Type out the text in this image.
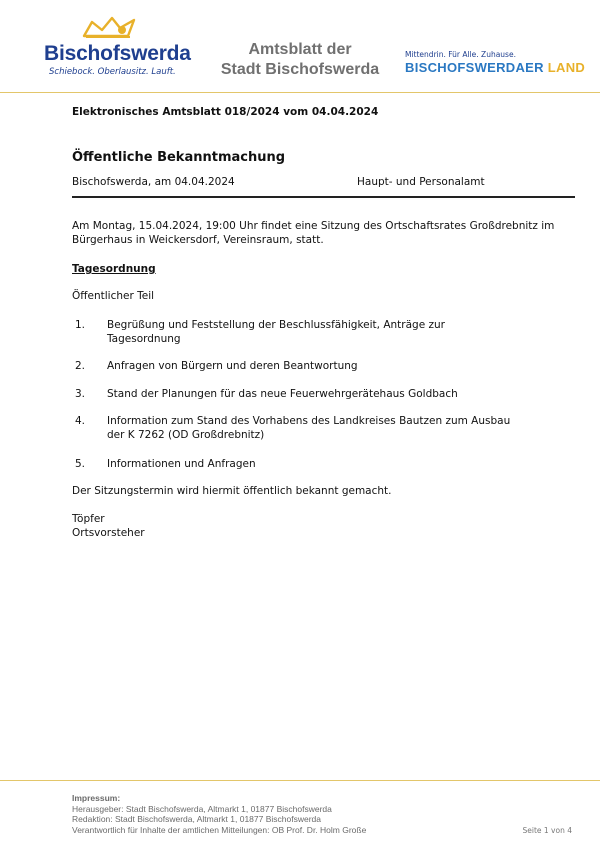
Bischofswerda
Schiebock. Oberlausitz. Lauft.
Amtsblatt der
Stadt Bischofswerda
Mittendrin. Für Alle. Zuhause.
BISCHOFSWERDAER LAND
Elektronisches Amtsblatt 018/2024 vom 04.04.2024
Öffentliche Bekanntmachung
Bischofswerda, am 04.04.2024	Haupt- und Personalamt
Am Montag, 15.04.2024, 19:00 Uhr findet eine Sitzung des Ortschaftsrates Großdrebnitz im
Bürgerhaus in Weickersdorf, Vereinsraum, statt.
Tagesordnung
Öffentlicher Teil
1. Begrüßung und Feststellung der Beschlussfähigkeit, Anträge zur
Tagesordnung
2. Anfragen von Bürgern und deren Beantwortung
3. Stand der Planungen für das neue Feuerwehrgerätehaus Goldbach
4. Information zum Stand des Vorhabens des Landkreises Bautzen zum Ausbau
der K 7262 (OD Großdrebnitz)
5. Informationen und Anfragen
Der Sitzungstermin wird hiermit öffentlich bekannt gemacht.
Töpfer
Ortsvorsteher
Impressum:
Herausgeber: Stadt Bischofswerda, Altmarkt 1, 01877 Bischofswerda
Redaktion: Stadt Bischofswerda, Altmarkt 1, 01877 Bischofswerda
Verantwortlich für Inhalte der amtlichen Mitteilungen: OB Prof. Dr. Holm Große	Seite 1 von 4
